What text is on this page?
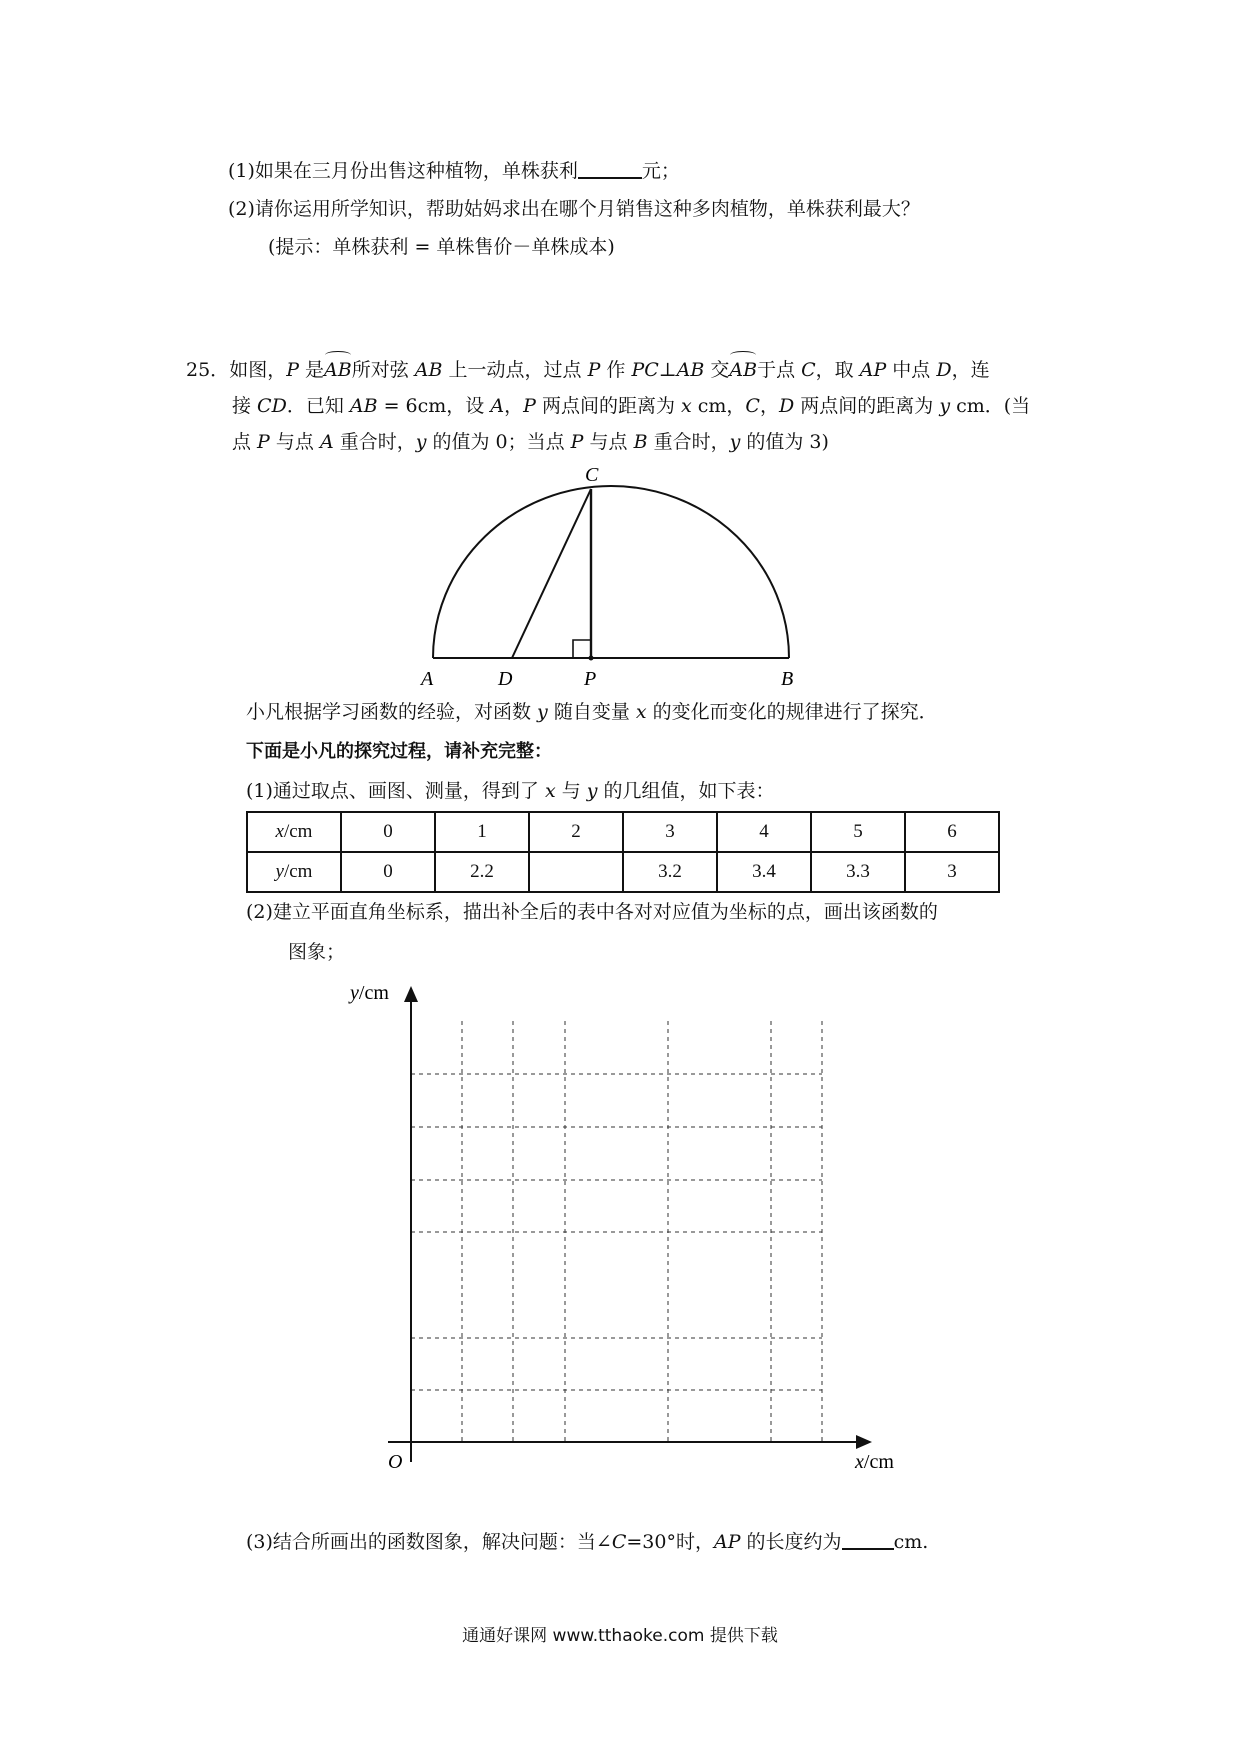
(1)如果在三月份出售这种植物，单株获利	元；
(2)请你运用所学知识，帮助姑妈求出在哪个月销售这种多肉植物，单株获利最大？
(提示：单株获利 = 单株售价－单株成本)
25．如图，P 是AB所对弦 AB 上一动点，过点 P 作 PC⊥AB 交AB于点 C，取 AP 中点 D，连
接 CD．已知 AB = 6cm，设 A，P 两点间的距离为 x cm，C，D 两点间的距离为 y cm．(当
点 P 与点 A 重合时，y 的值为 0；当点 P 与点 B 重合时，y 的值为 3)
C
A	D	P	B
y/cm
x/cm
O
小凡根据学习函数的经验，对函数 y 随自变量 x 的变化而变化的规律进行了探究．
下面是小凡的探究过程，请补充完整：
(1)通过取点、画图、测量，得到了 x 与 y 的几组值，如下表：
x/cm	0	1	2	3	4	5	6
y/cm	0	2.2		3.2	3.4	3.3	3
(2)建立平面直角坐标系，描出补全后的表中各对对应值为坐标的点，画出该函数的
图象；
(3)结合所画出的函数图象，解决问题：当∠C=30°时，AP 的长度约为	cm.
通通好课网 www.tthaoke.com 提供下载
